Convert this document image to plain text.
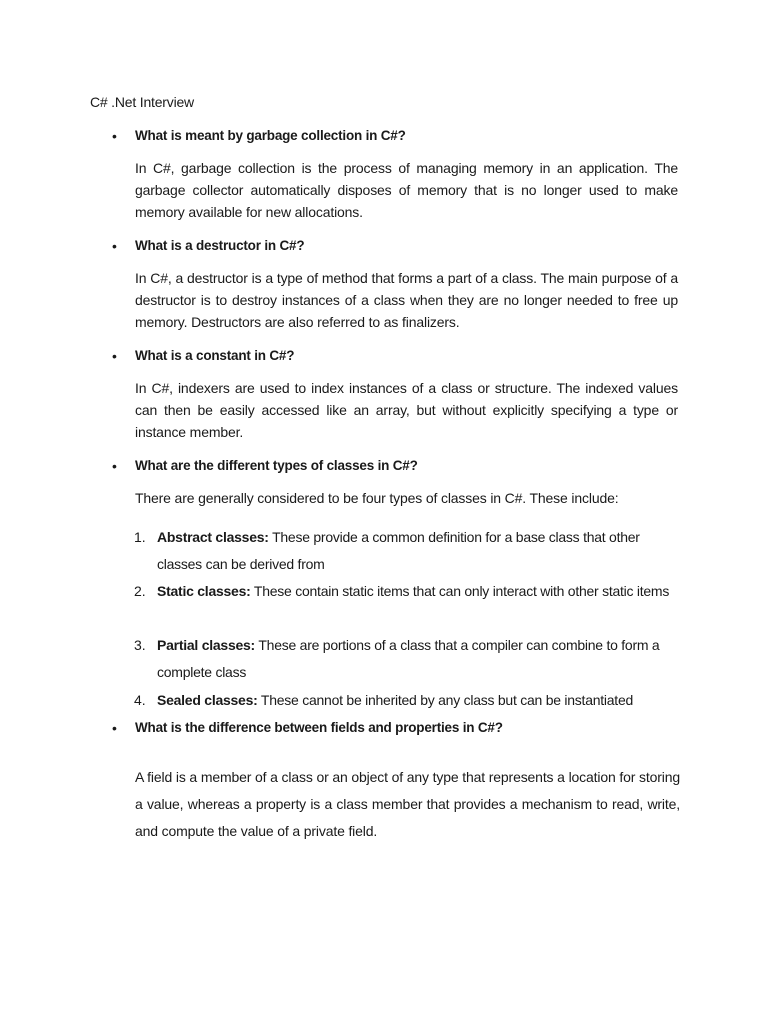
C# .Net Interview
• What is meant by garbage collection in C#?
In C#, garbage collection is the process of managing memory in an application. The garbage collector automatically disposes of memory that is no longer used to make memory available for new allocations.
• What is a destructor in C#?
In C#, a destructor is a type of method that forms a part of a class. The main purpose of a destructor is to destroy instances of a class when they are no longer needed to free up memory. Destructors are also referred to as finalizers.
• What is a constant in C#?
In C#, indexers are used to index instances of a class or structure. The indexed values can then be easily accessed like an array, but without explicitly specifying a type or instance member.
• What are the different types of classes in C#?
There are generally considered to be four types of classes in C#. These include:
1. Abstract classes: These provide a common definition for a base class that other classes can be derived from
2. Static classes: These contain static items that can only interact with other static items
3. Partial classes: These are portions of a class that a compiler can combine to form a complete class
4. Sealed classes: These cannot be inherited by any class but can be instantiated
• What is the difference between fields and properties in C#?
A field is a member of a class or an object of any type that represents a location for storing a value, whereas a property is a class member that provides a mechanism to read, write, and compute the value of a private field.
